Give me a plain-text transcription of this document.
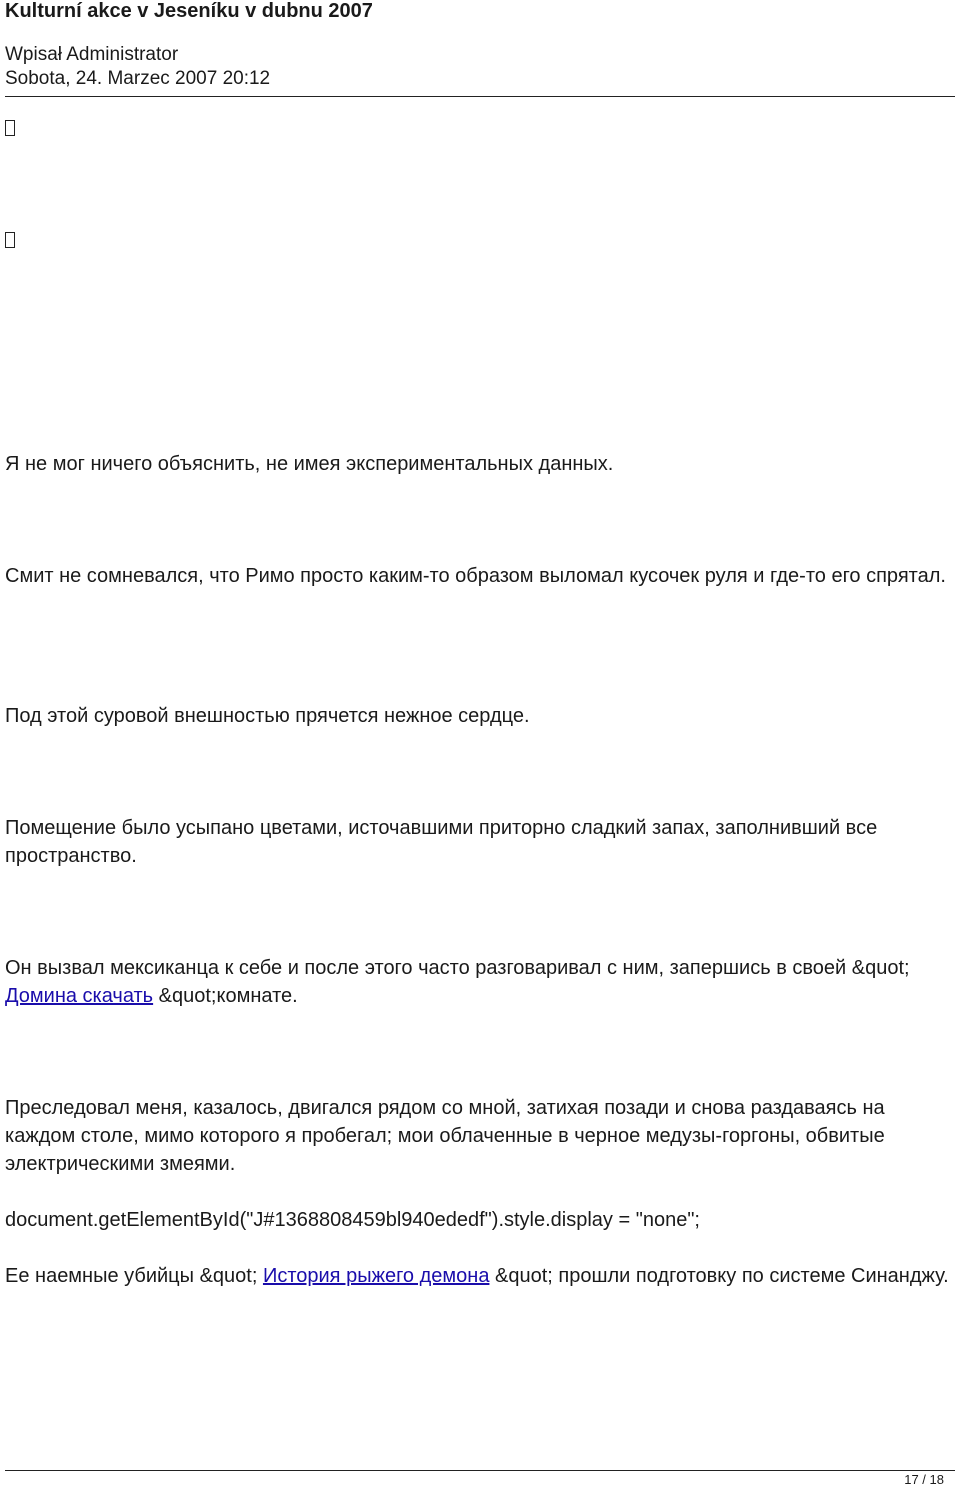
Kulturní akce v Jeseníku v dubnu 2007
Wpisał Administrator
Sobota, 24. Marzec 2007 20:12

Я не мог ничего объяснить, не имея экспериментальных данных.

Смит не сомневался, что Римо просто каким-то образом выломал кусочек руля и где-то его спрятал.

Под этой суровой внешностью прячется нежное сердце.

Помещение было усыпано цветами, источавшими приторно сладкий запах, заполнивший все пространство.

Он вызвал мексиканца к себе и после этого часто разговаривал с ним, запершись в своей &quot; Домина скачать &quot;комнате.

Преследовал меня, казалось, двигался рядом со мной, затихая позади и снова раздаваясь на каждом столе, мимо которого я пробегал; мои облаченные в черное медузы-горгоны, обвитые электрическими змеями.

document.getElementById("J#1368808459bl940ededf").style.display = "none";

Ее наемные убийцы &quot; История рыжего демона &quot; прошли подготовку по системе Синанджу.

17 / 18
